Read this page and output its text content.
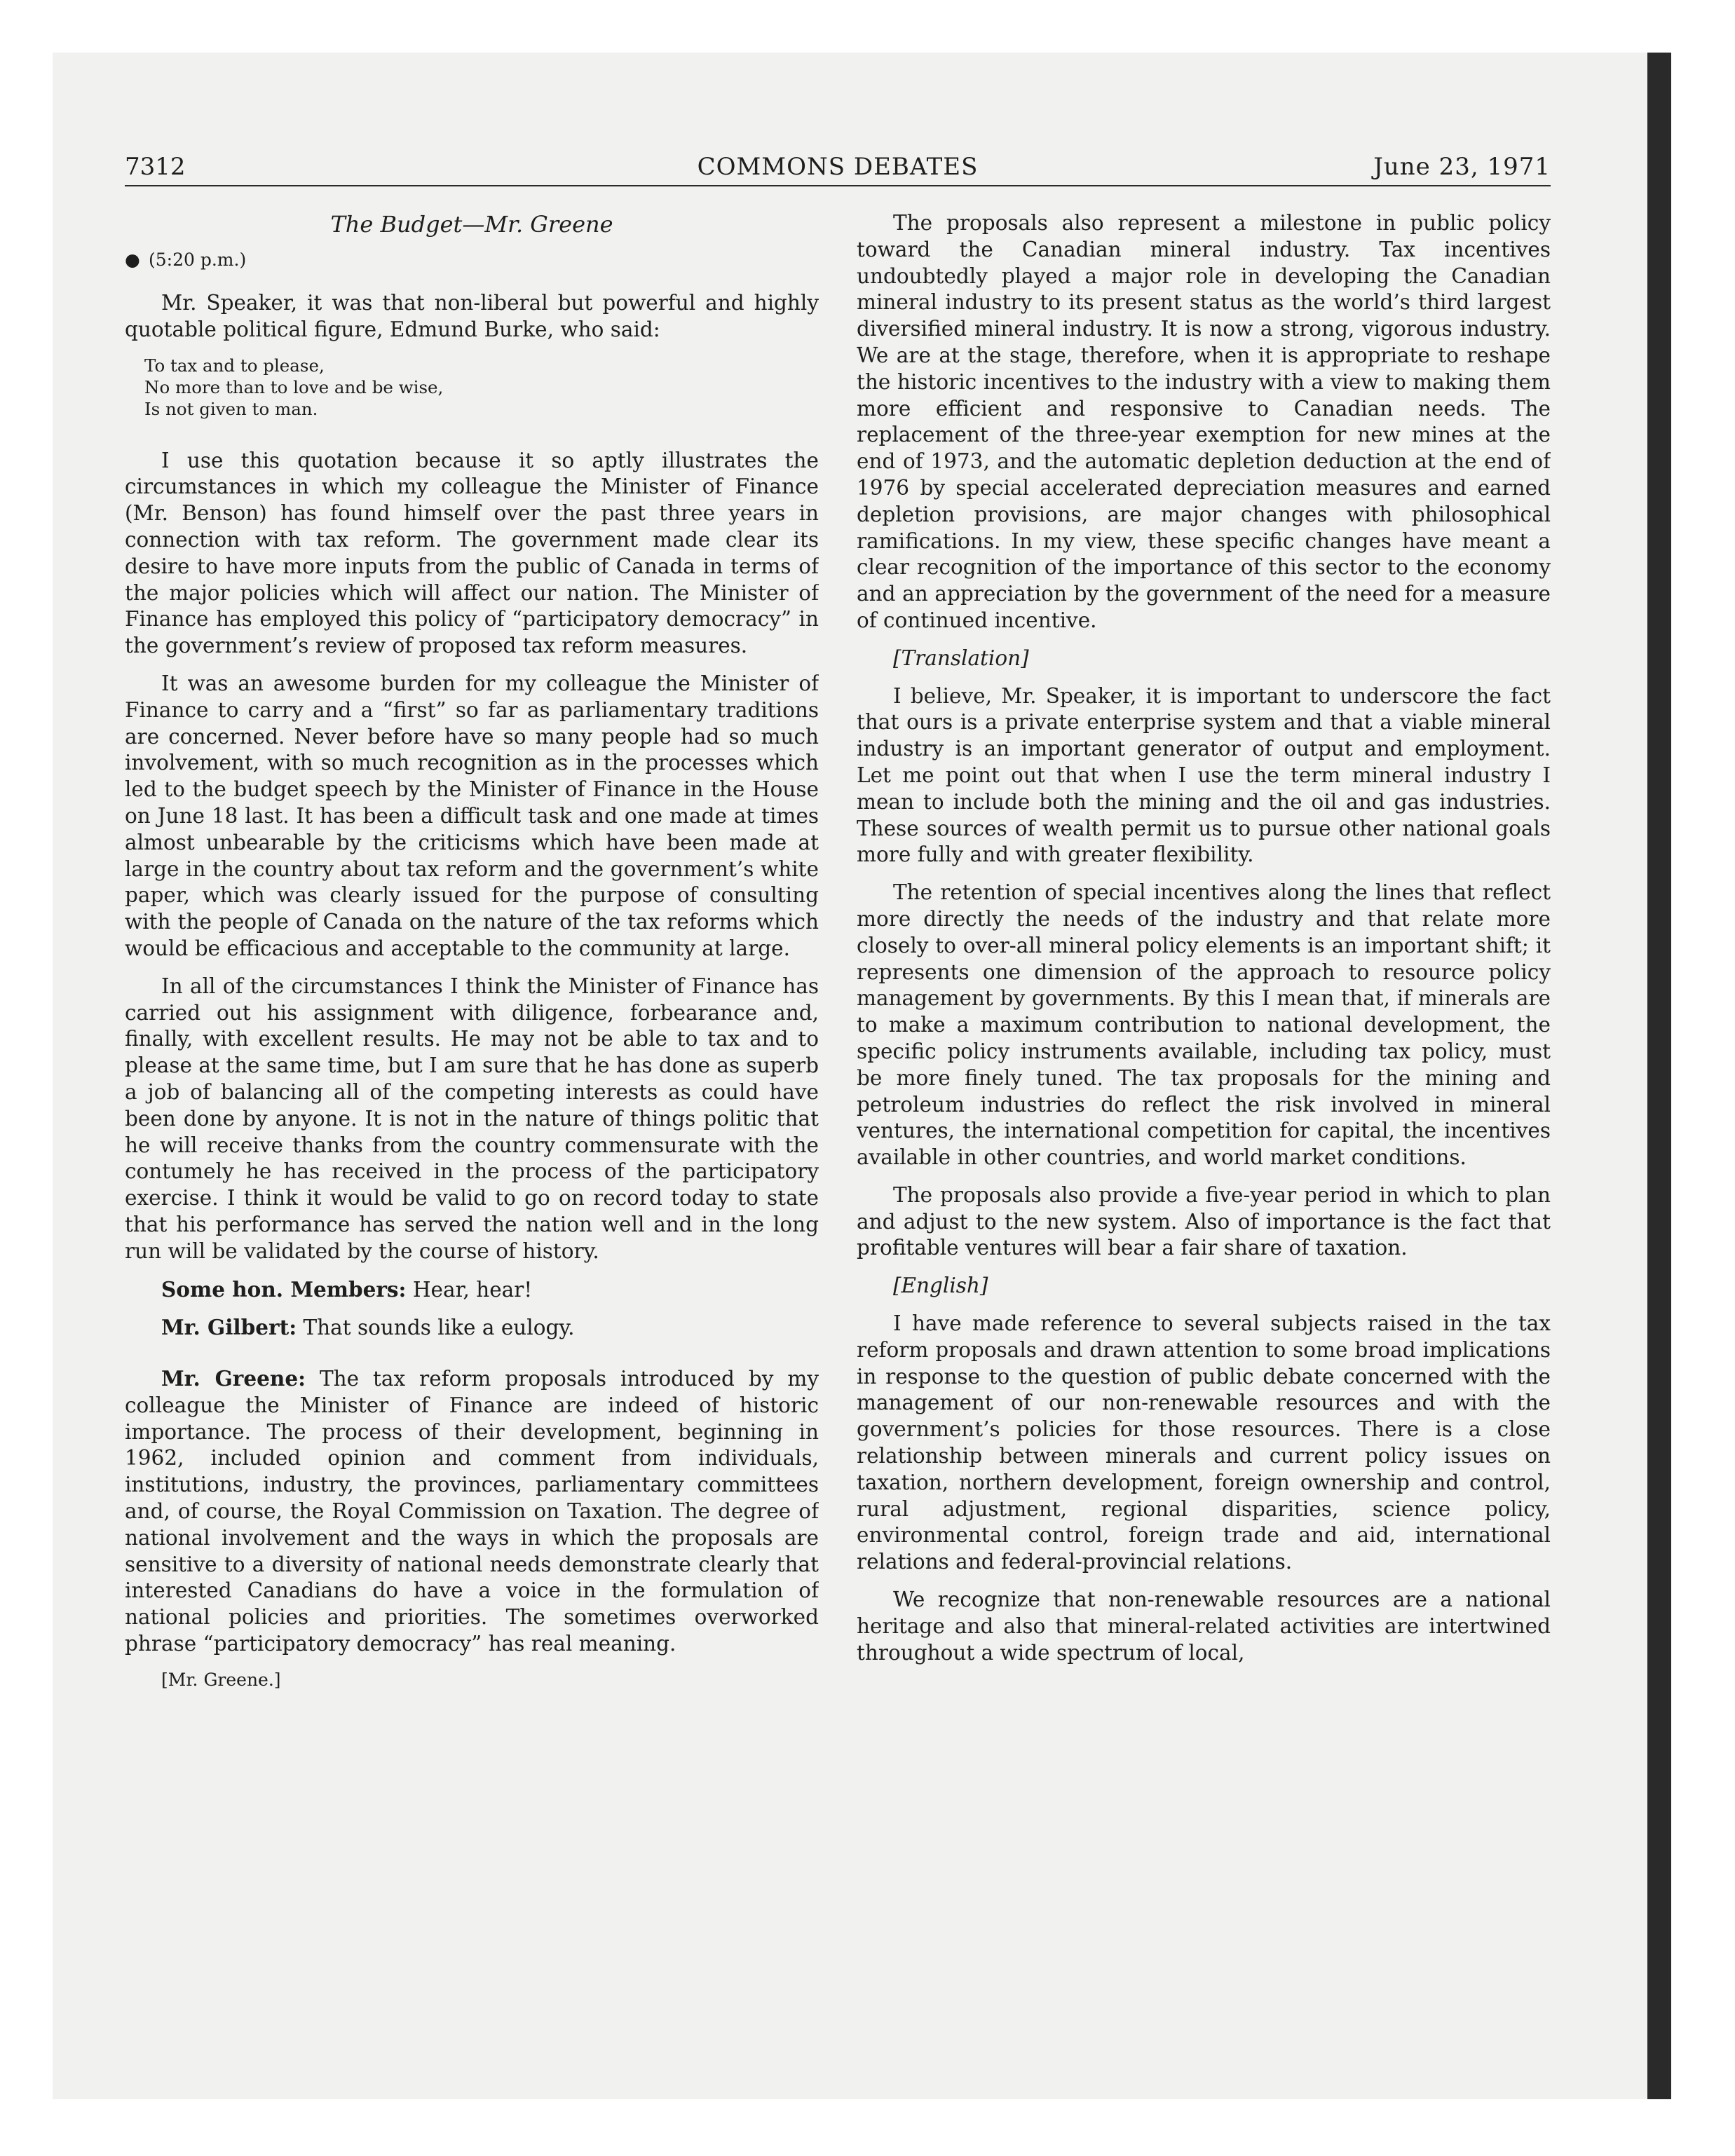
7312	COMMONS DEBATES	June 23, 1971
The Budget—Mr. Greene
● (5:20 p.m.)

Mr. Speaker, it was that non-liberal but powerful and highly quotable political figure, Edmund Burke, who said:

To tax and to please,
No more than to love and be wise,
Is not given to man.

I use this quotation because it so aptly illustrates the circumstances in which my colleague the Minister of Finance (Mr. Benson) has found himself over the past three years in connection with tax reform. The government made clear its desire to have more inputs from the public of Canada in terms of the major policies which will affect our nation. The Minister of Finance has employed this policy of “participatory democracy” in the government’s review of proposed tax reform measures.

It was an awesome burden for my colleague the Minister of Finance to carry and a “first” so far as parliamentary traditions are concerned. Never before have so many people had so much involvement, with so much recognition as in the processes which led to the budget speech by the Minister of Finance in the House on June 18 last. It has been a difficult task and one made at times almost unbearable by the criticisms which have been made at large in the country about tax reform and the government’s white paper, which was clearly issued for the purpose of consulting with the people of Canada on the nature of the tax reforms which would be efficacious and acceptable to the community at large.

In all of the circumstances I think the Minister of Finance has carried out his assignment with diligence, forbearance and, finally, with excellent results. He may not be able to tax and to please at the same time, but I am sure that he has done as superb a job of balancing all of the competing interests as could have been done by anyone. It is not in the nature of things politic that he will receive thanks from the country commensurate with the contumely he has received in the process of the participatory exercise. I think it would be valid to go on record today to state that his performance has served the nation well and in the long run will be validated by the course of history.

Some hon. Members: Hear, hear!

Mr. Gilbert: That sounds like a eulogy.

Mr. Greene: The tax reform proposals introduced by my colleague the Minister of Finance are indeed of historic importance. The process of their development, beginning in 1962, included opinion and comment from individuals, institutions, industry, the provinces, parliamentary committees and, of course, the Royal Commission on Taxation. The degree of national involvement and the ways in which the proposals are sensitive to a diversity of national needs demonstrate clearly that interested Canadians do have a voice in the formulation of national policies and priorities. The sometimes overworked phrase “participatory democracy” has real meaning.

[Mr. Greene.]

The proposals also represent a milestone in public policy toward the Canadian mineral industry. Tax incentives undoubtedly played a major role in developing the Canadian mineral industry to its present status as the world’s third largest diversified mineral industry. It is now a strong, vigorous industry. We are at the stage, therefore, when it is appropriate to reshape the historic incentives to the industry with a view to making them more efficient and responsive to Canadian needs. The replacement of the three-year exemption for new mines at the end of 1973, and the automatic depletion deduction at the end of 1976 by special accelerated depreciation measures and earned depletion provisions, are major changes with philosophical ramifications. In my view, these specific changes have meant a clear recognition of the importance of this sector to the economy and an appreciation by the government of the need for a measure of continued incentive.

[Translation]

I believe, Mr. Speaker, it is important to underscore the fact that ours is a private enterprise system and that a viable mineral industry is an important generator of output and employment. Let me point out that when I use the term mineral industry I mean to include both the mining and the oil and gas industries. These sources of wealth permit us to pursue other national goals more fully and with greater flexibility.

The retention of special incentives along the lines that reflect more directly the needs of the industry and that relate more closely to over-all mineral policy elements is an important shift; it represents one dimension of the approach to resource policy management by governments. By this I mean that, if minerals are to make a maximum contribution to national development, the specific policy instruments available, including tax policy, must be more finely tuned. The tax proposals for the mining and petroleum industries do reflect the risk involved in mineral ventures, the international competition for capital, the incentives available in other countries, and world market conditions.

The proposals also provide a five-year period in which to plan and adjust to the new system. Also of importance is the fact that profitable ventures will bear a fair share of taxation.

[English]

I have made reference to several subjects raised in the tax reform proposals and drawn attention to some broad implications in response to the question of public debate concerned with the management of our non-renewable resources and with the government’s policies for those resources. There is a close relationship between minerals and current policy issues on taxation, northern development, foreign ownership and control, rural adjustment, regional disparities, science policy, environmental control, foreign trade and aid, international relations and federal-provincial relations.

We recognize that non-renewable resources are a national heritage and also that mineral-related activities are intertwined throughout a wide spectrum of local,
